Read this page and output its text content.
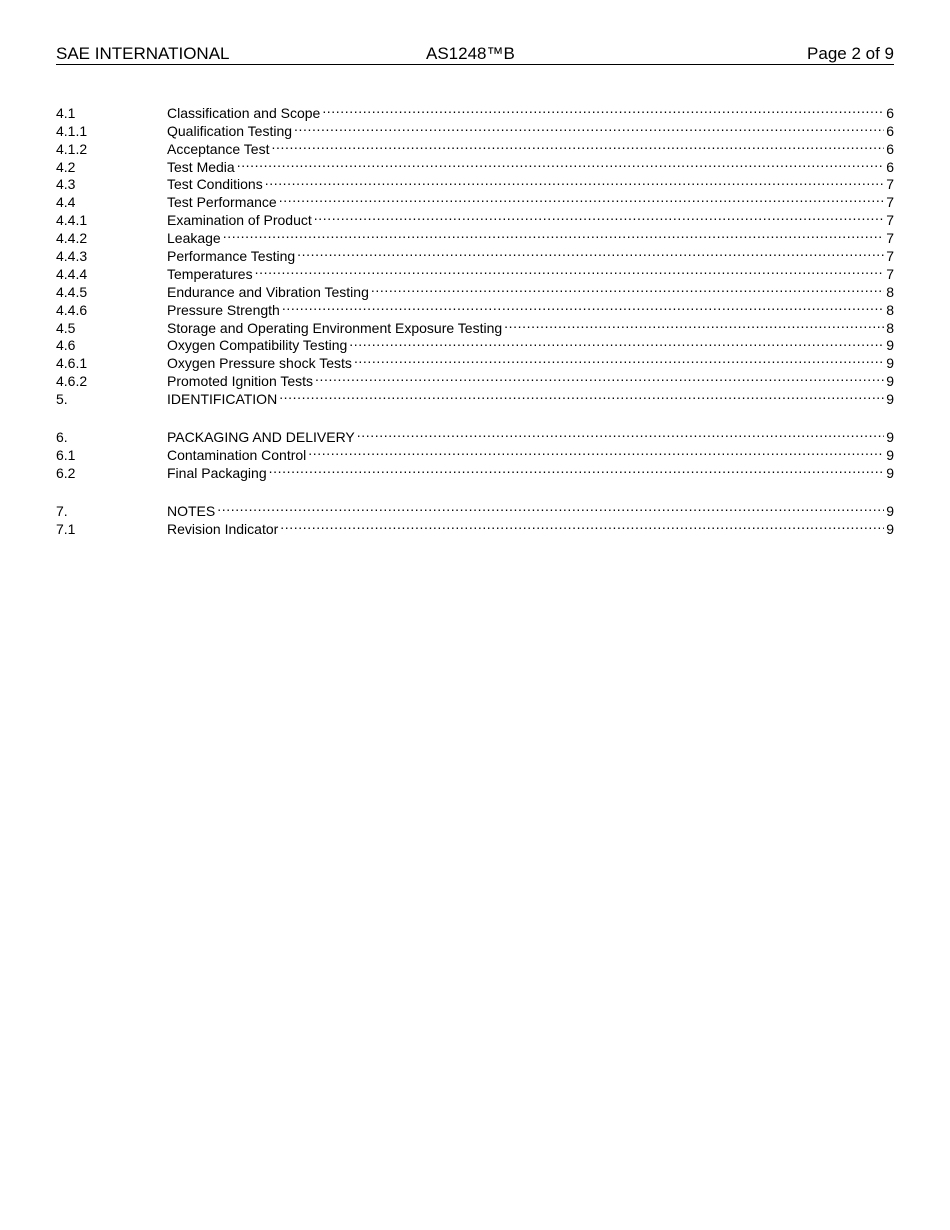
SAE INTERNATIONAL	AS1248™B	Page 2 of 9
4.1	Classification and Scope .....	6
4.1.1	Qualification Testing .....	6
4.1.2	Acceptance Test .....	6
4.2	Test Media .....	6
4.3	Test Conditions .....	7
4.4	Test Performance .....	7
4.4.1	Examination of Product .....	7
4.4.2	Leakage .....	7
4.4.3	Performance Testing .....	7
4.4.4	Temperatures .....	7
4.4.5	Endurance and Vibration Testing .....	8
4.4.6	Pressure Strength .....	8
4.5	Storage and Operating Environment Exposure Testing .....	8
4.6	Oxygen Compatibility Testing .....	9
4.6.1	Oxygen Pressure shock Tests .....	9
4.6.2	Promoted Ignition Tests .....	9
5.	IDENTIFICATION .....	9
6.	PACKAGING AND DELIVERY .....	9
6.1	Contamination Control .....	9
6.2	Final Packaging .....	9
7.	NOTES .....	9
7.1	Revision Indicator .....	9
